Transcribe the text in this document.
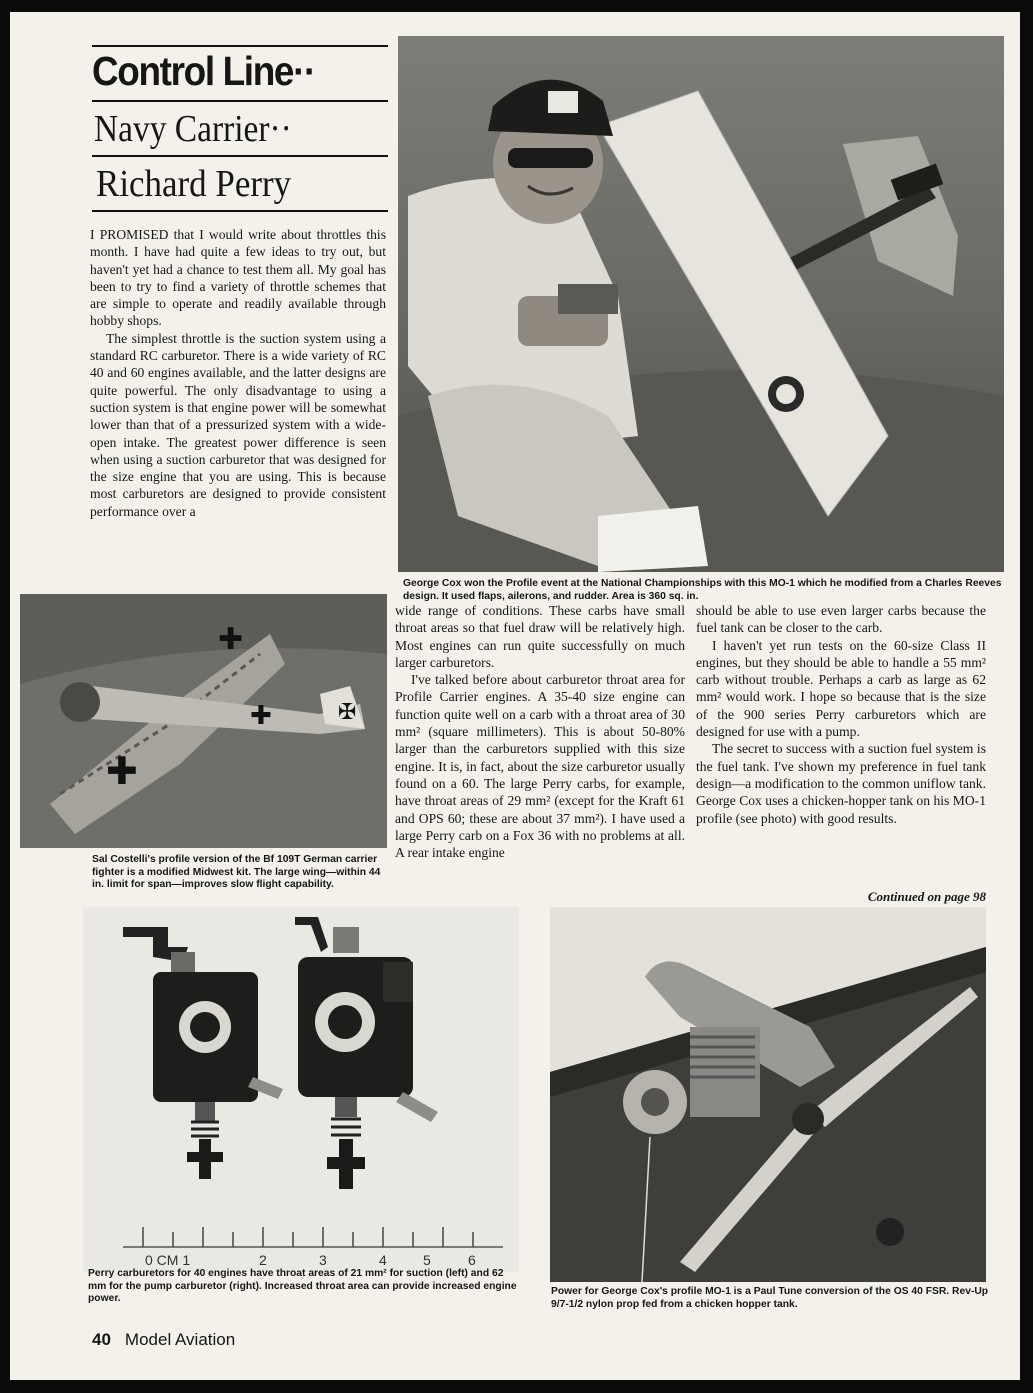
Control Line··
Navy Carrier··
Richard Perry

I PROMISED that I would write about throttles this month. I have had quite a few ideas to try out, but haven't yet had a chance to test them all. My goal has been to try to find a variety of throttle schemes that are simple to operate and readily available through hobby shops.

The simplest throttle is the suction system using a standard RC carburetor. There is a wide variety of RC 40 and 60 engines available, and the latter designs are quite powerful. The only disadvantage to using a suction system is that engine power will be somewhat lower than that of a pressurized system with a wide-open intake. The greatest power difference is seen when using a suction carburetor that was designed for the size engine that you are using. This is because most carburetors are designed to provide consistent performance over a

George Cox won the Profile event at the National Championships with this MO-1 which he modified from a Charles Reeves design. It used flaps, ailerons, and rudder. Area is 360 sq. in.
✠
✚
✚
✚
Sal Costelli's profile version of the Bf 109T German carrier fighter is a modified Midwest kit. The large wing—within 44 in. limit for span—improves slow flight capability.

wide range of conditions. These carbs have small throat areas so that fuel draw will be relatively high. Most engines can run quite successfully on much larger carburetors.

I've talked before about carburetor throat area for Profile Carrier engines. A 35-40 size engine can function quite well on a carb with a throat area of 30 mm² (square millimeters). This is about 50-80% larger than the carburetors supplied with this size engine. It is, in fact, about the size carburetor usually found on a 60. The large Perry carbs, for example, have throat areas of 29 mm² (except for the Kraft 61 and OPS 60; these are about 37 mm²). I have used a large Perry carb on a Fox 36 with no problems at all. A rear intake engine

should be able to use even larger carbs because the fuel tank can be closer to the carb.

I haven't yet run tests on the 60-size Class II engines, but they should be able to handle a 55 mm² carb without trouble. Perhaps a carb as large as 62 mm² would work. I hope so because that is the size of the 900 series Perry carburetors which are designed for use with a pump.

The secret to success with a suction fuel system is the fuel tank. I've shown my preference in fuel tank design—a modification to the common uniflow tank. George Cox uses a chicken-hopper tank on his MO-1 profile (see photo) with good results.

Continued on page 98
0 CM 1	2	3	4	5	6
Perry carburetors for 40 engines have throat areas of 21 mm² for suction (left) and 62 mm for the pump carburetor (right). Increased throat area can provide increased engine power.
Power for George Cox's profile MO-1 is a Paul Tune conversion of the OS 40 FSR. Rev-Up 9/7-1/2 nylon prop fed from a chicken hopper tank.
40 Model Aviation
